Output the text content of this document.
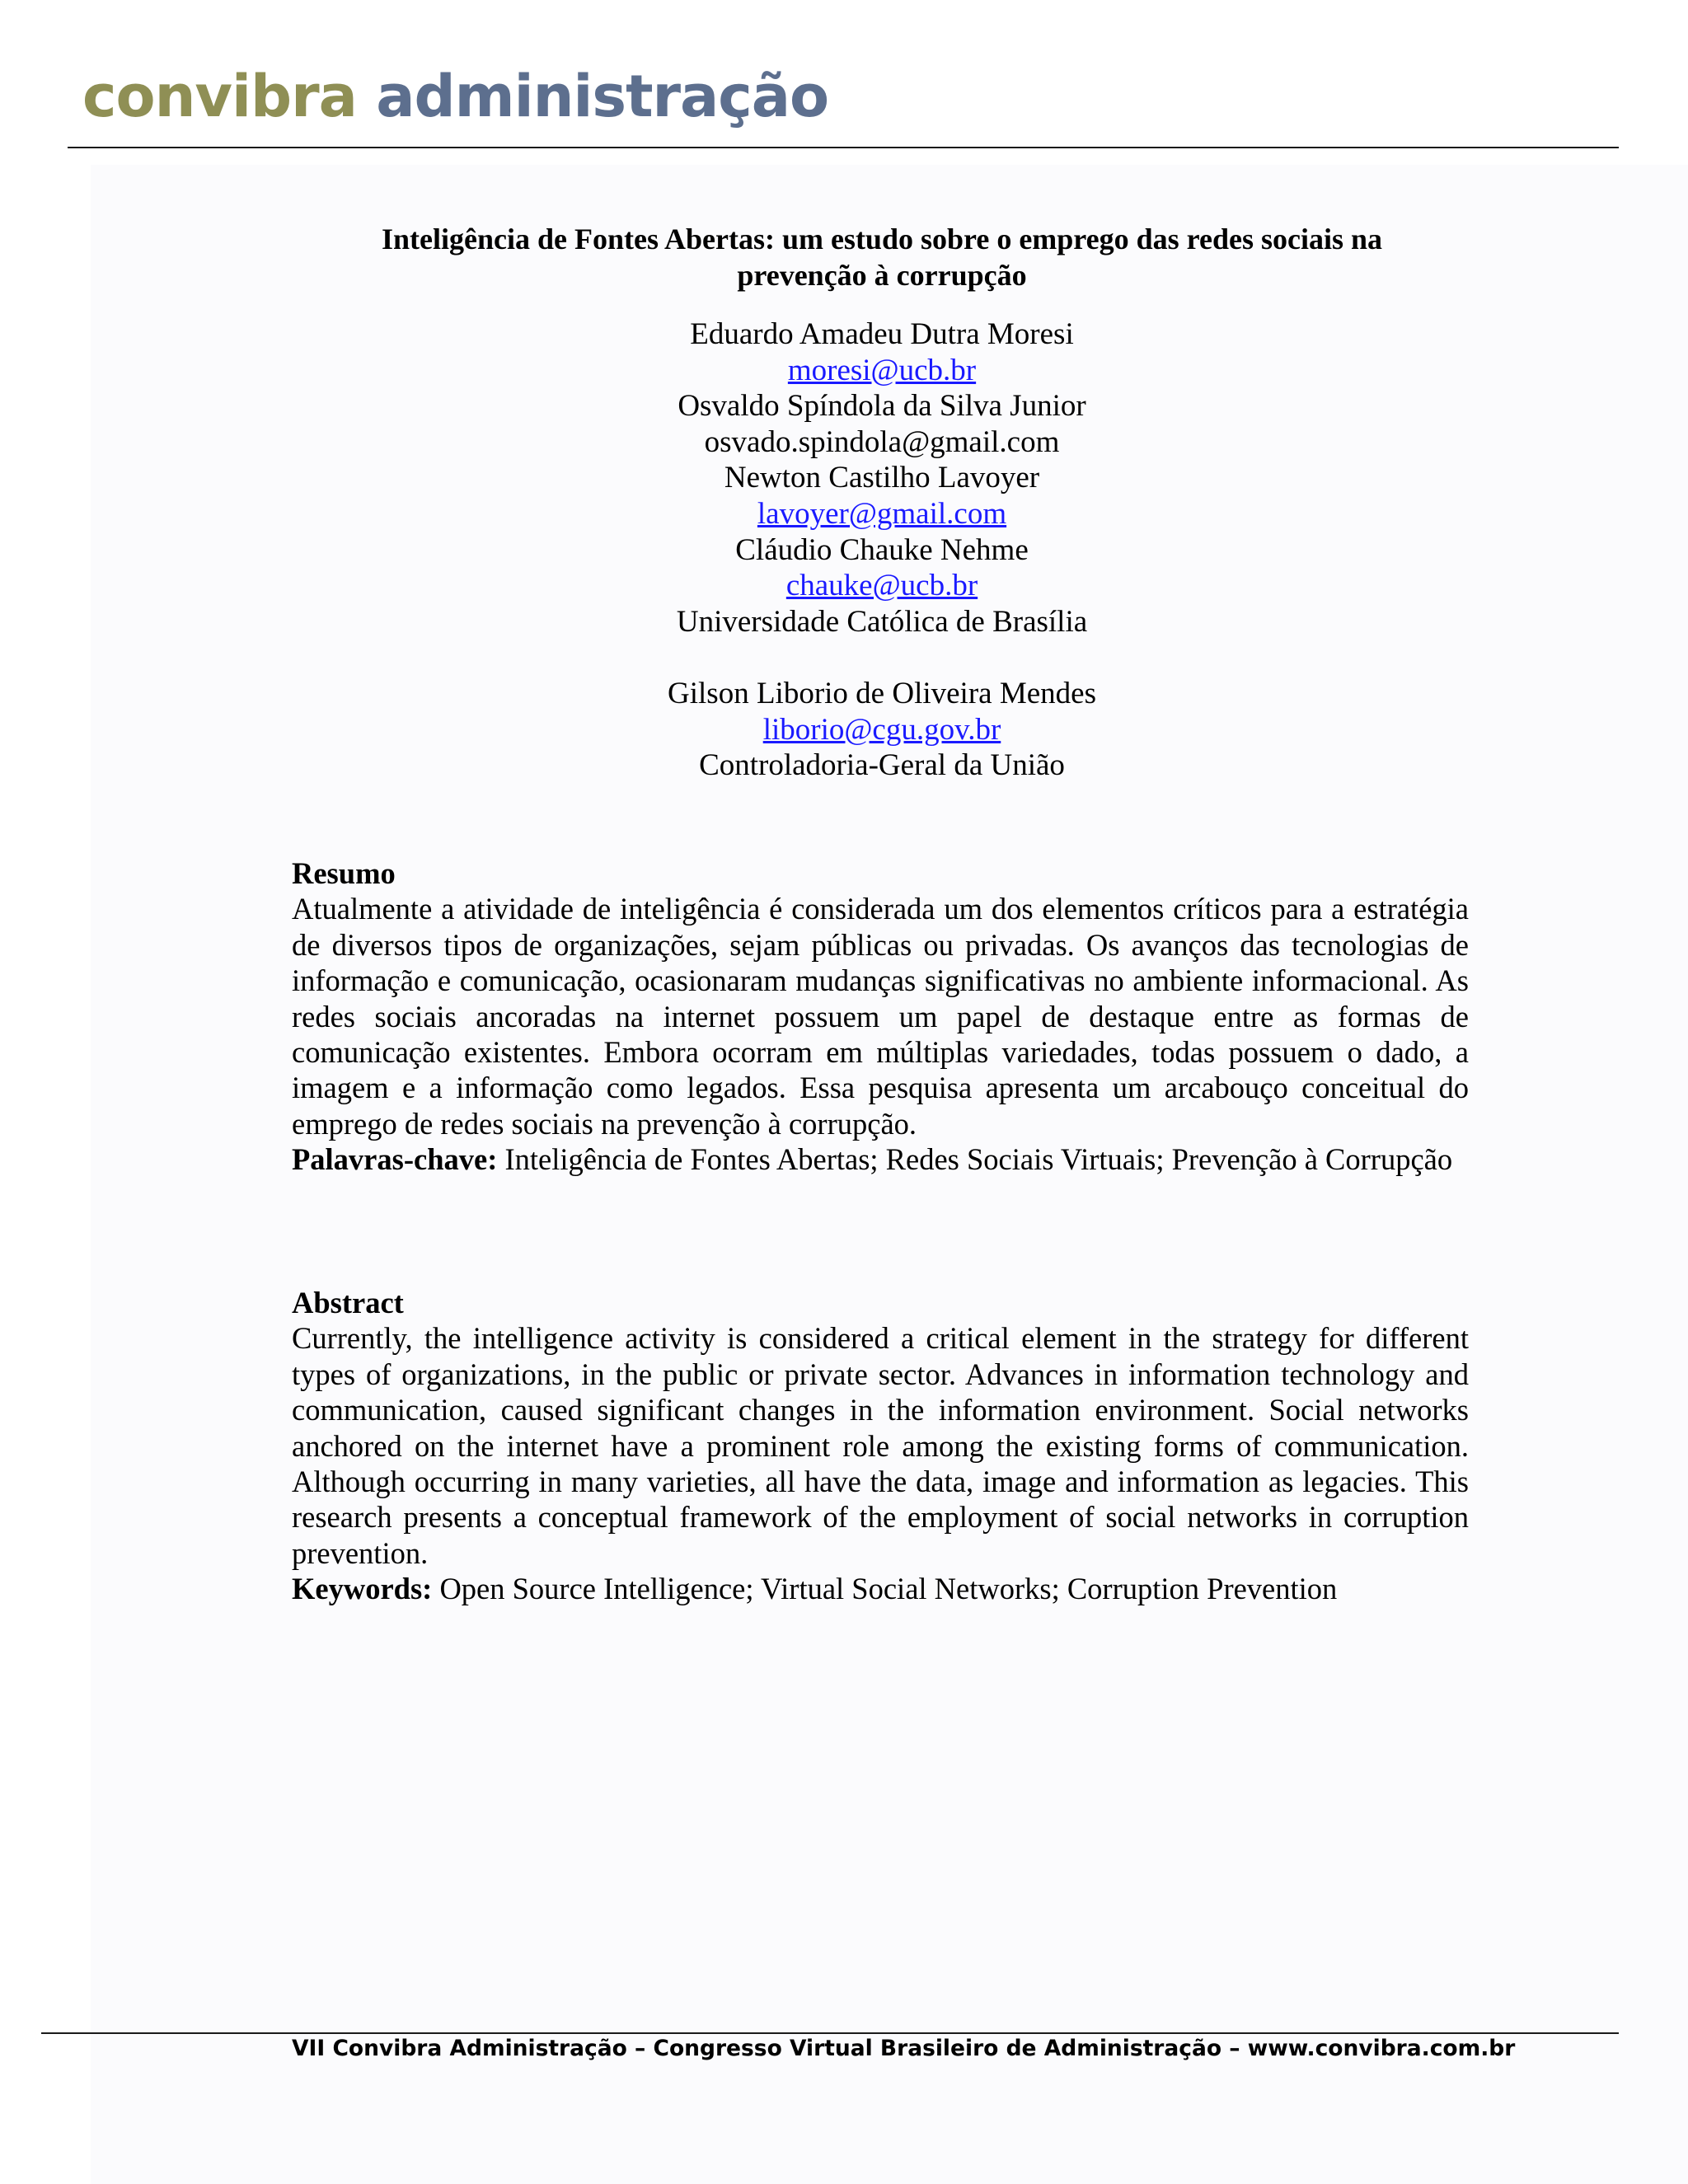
convibra administração
Inteligência de Fontes Abertas: um estudo sobre o emprego das redes sociais na
prevenção à corrupção
Eduardo Amadeu Dutra Moresi
moresi@ucb.br
Osvaldo Spíndola da Silva Junior
osvado.spindola@gmail.com
Newton Castilho Lavoyer
lavoyer@gmail.com
Cláudio Chauke Nehme
chauke@ucb.br
Universidade Católica de Brasília
Gilson Liborio de Oliveira Mendes
liborio@cgu.gov.br
Controladoria-Geral da União
Resumo
Atualmente a atividade de inteligência é considerada um dos elementos críticos para a estratégia de diversos tipos de organizações, sejam públicas ou privadas. Os avanços das tecnologias de informação e comunicação, ocasionaram mudanças significativas no ambiente informacional. As redes sociais ancoradas na internet possuem um papel de destaque entre as formas de comunicação existentes. Embora ocorram em múltiplas variedades, todas possuem o dado, a imagem e a informação como legados. Essa pesquisa apresenta um arcabouço conceitual do emprego de redes sociais na prevenção à corrupção.
Palavras-chave: Inteligência de Fontes Abertas; Redes Sociais Virtuais; Prevenção à Corrupção
Abstract
Currently, the intelligence activity is considered a critical element in the strategy for different types of organizations, in the public or private sector. Advances in information technology and communication, caused significant changes in the information environment. Social networks anchored on the internet have a prominent role among the existing forms of communication. Although occurring in many varieties, all have the data, image and information as legacies. This research presents a conceptual framework of the employment of social networks in corruption prevention.
Keywords: Open Source Intelligence; Virtual Social Networks; Corruption Prevention
VII Convibra Administração – Congresso Virtual Brasileiro de Administração – www.convibra.com.br
